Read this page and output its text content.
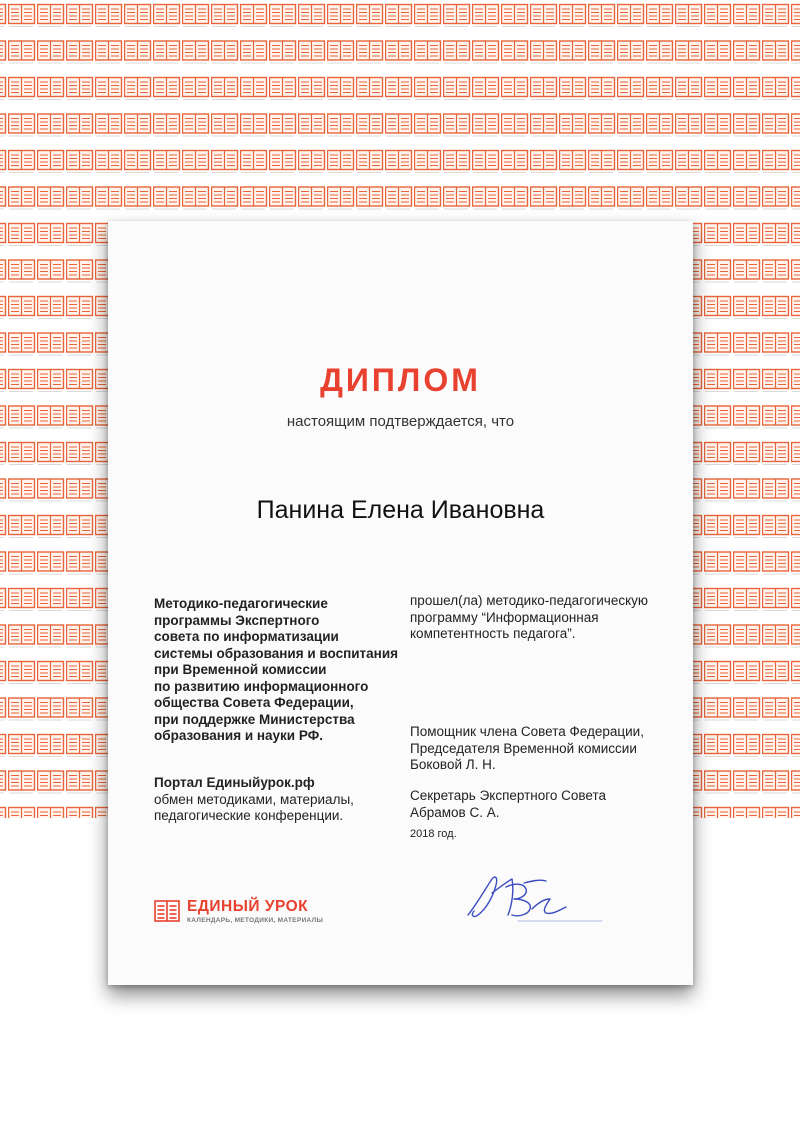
ДИПЛОМ
настоящим подтверждается, что
Панина Елена Ивановна
Методико-педагогические
программы Экспертного
совета по информатизации
системы образования и воспитания
при Временной комиссии
по развитию информационного
общества Совета Федерации,
при поддержке Министерства
образования и науки РФ.
Портал Единыйурок.рф
обмен методиками, материалы,
педагогические конференции.
прошел(ла) методико-педагогическую
программу “Информационная
компетентность педагога”.
Помощник члена Совета Федерации,
Председателя Временной комиссии
Боковой Л. Н.
Секретарь Экспертного Совета
Абрамов С. А.
2018 год.
ЕДИНЫЙ УРОК
КАЛЕНДАРЬ, МЕТОДИКИ, МАТЕРИАЛЫ
